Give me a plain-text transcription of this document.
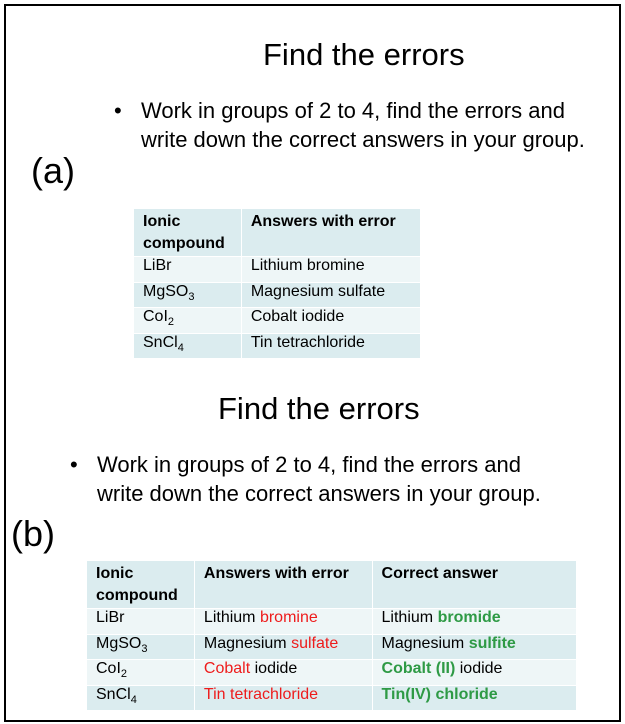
Find the errors
• Work in groups of 2 to 4, find the errors and
write down the correct answers in your group.
(a)
Ionic
compound	Answers with error
LiBr	Lithium bromine
MgSO$_3$	Magnesium sulfate
CoI$_2$	Cobalt iodide
SnCl$_4$	Tin tetrachloride
Find the errors
• Work in groups of 2 to 4, find the errors and
write down the correct answers in your group.
(b)
Ionic
compound	Answers with error	Correct answer
LiBr	Lithium bromine	Lithium bromide
MgSO$_3$	Magnesium sulfate	Magnesium sulfite
CoI$_2$	Cobalt iodide	Cobalt (II) iodide
SnCl$_4$	Tin tetrachloride	Tin(IV) chloride
